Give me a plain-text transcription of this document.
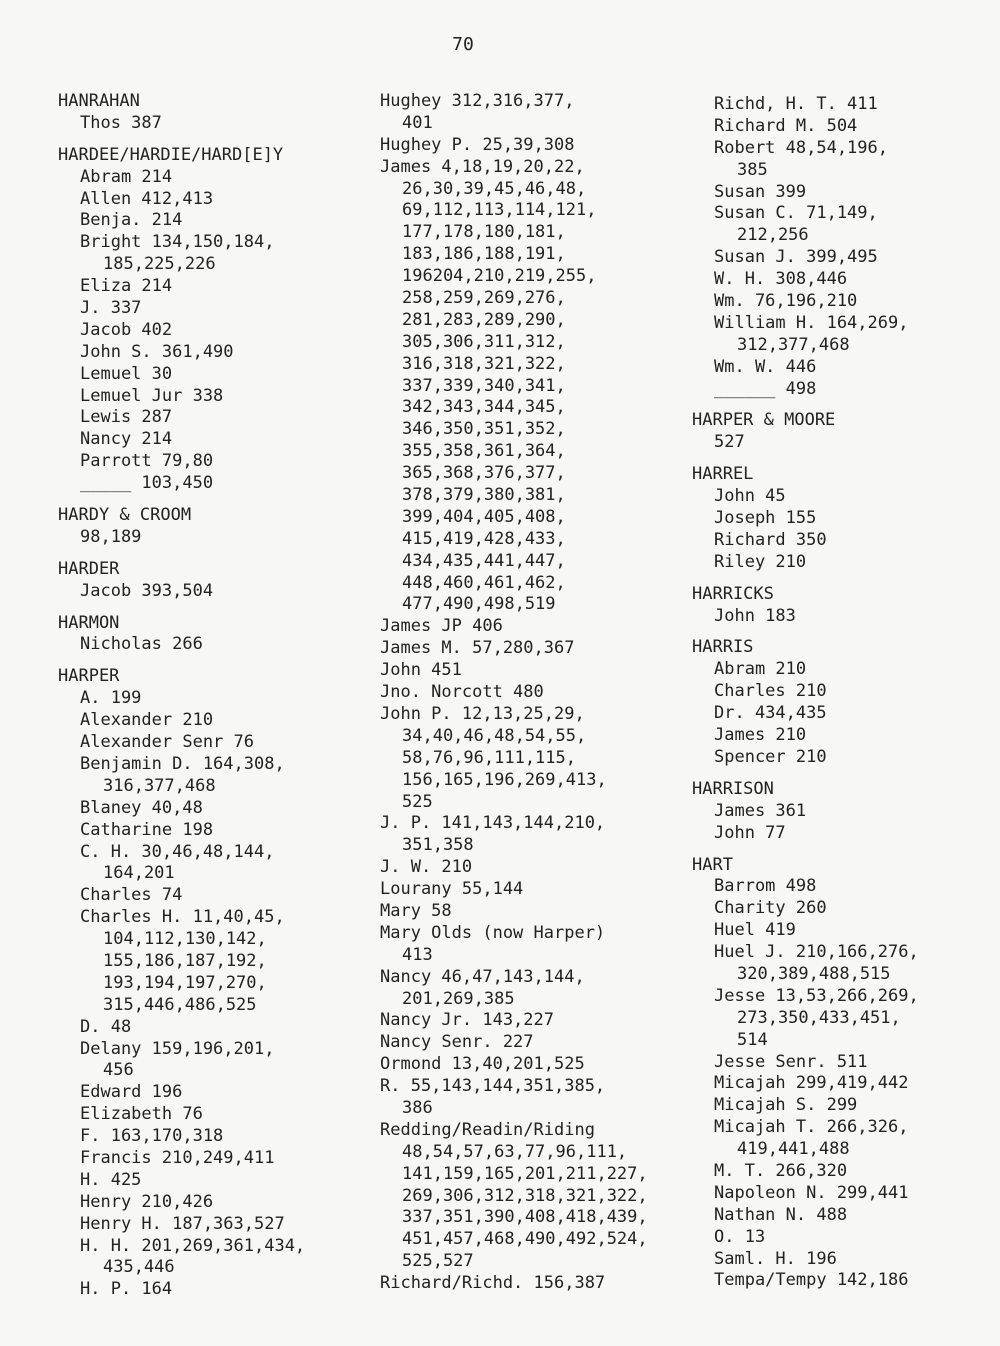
70
HANRAHAN
Thos 387
HARDEE/HARDIE/HARD[E]Y
Abram 214
Allen 412,413
Benja. 214
Bright 134,150,184,
185,225,226
Eliza 214
J. 337
Jacob 402
John S. 361,490
Lemuel 30
Lemuel Jur 338
Lewis 287
Nancy 214
Parrott 79,80
_____ 103,450
HARDY & CROOM
98,189
HARDER
Jacob 393,504
HARMON
Nicholas 266
HARPER
A. 199
Alexander 210
Alexander Senr 76
Benjamin D. 164,308,
316,377,468
Blaney 40,48
Catharine 198
C. H. 30,46,48,144,
164,201
Charles 74
Charles H. 11,40,45,
104,112,130,142,
155,186,187,192,
193,194,197,270,
315,446,486,525
D. 48
Delany 159,196,201,
456
Edward 196
Elizabeth 76
F. 163,170,318
Francis 210,249,411
H. 425
Henry 210,426
Henry H. 187,363,527
H. H. 201,269,361,434,
435,446
H. P. 164
Hughey 312,316,377,
401
Hughey P. 25,39,308
James 4,18,19,20,22,
26,30,39,45,46,48,
69,112,113,114,121,
177,178,180,181,
183,186,188,191,
196204,210,219,255,
258,259,269,276,
281,283,289,290,
305,306,311,312,
316,318,321,322,
337,339,340,341,
342,343,344,345,
346,350,351,352,
355,358,361,364,
365,368,376,377,
378,379,380,381,
399,404,405,408,
415,419,428,433,
434,435,441,447,
448,460,461,462,
477,490,498,519
James JP 406
James M. 57,280,367
John 451
Jno. Norcott 480
John P. 12,13,25,29,
34,40,46,48,54,55,
58,76,96,111,115,
156,165,196,269,413,
525
J. P. 141,143,144,210,
351,358
J. W. 210
Lourany 55,144
Mary 58
Mary Olds (now Harper)
413
Nancy 46,47,143,144,
201,269,385
Nancy Jr. 143,227
Nancy Senr. 227
Ormond 13,40,201,525
R. 55,143,144,351,385,
386
Redding/Readin/Riding
48,54,57,63,77,96,111,
141,159,165,201,211,227,
269,306,312,318,321,322,
337,351,390,408,418,439,
451,457,468,490,492,524,
525,527
Richard/Richd. 156,387
Richd, H. T. 411
Richard M. 504
Robert 48,54,196,
385
Susan 399
Susan C. 71,149,
212,256
Susan J. 399,495
W. H. 308,446
Wm. 76,196,210
William H. 164,269,
312,377,468
Wm. W. 446
______ 498
HARPER & MOORE
527
HARREL
John 45
Joseph 155
Richard 350
Riley 210
HARRICKS
John 183
HARRIS
Abram 210
Charles 210
Dr. 434,435
James 210
Spencer 210
HARRISON
James 361
John 77
HART
Barrom 498
Charity 260
Huel 419
Huel J. 210,166,276,
320,389,488,515
Jesse 13,53,266,269,
273,350,433,451,
514
Jesse Senr. 511
Micajah 299,419,442
Micajah S. 299
Micajah T. 266,326,
419,441,488
M. T. 266,320
Napoleon N. 299,441
Nathan N. 488
O. 13
Saml. H. 196
Tempa/Tempy 142,186
